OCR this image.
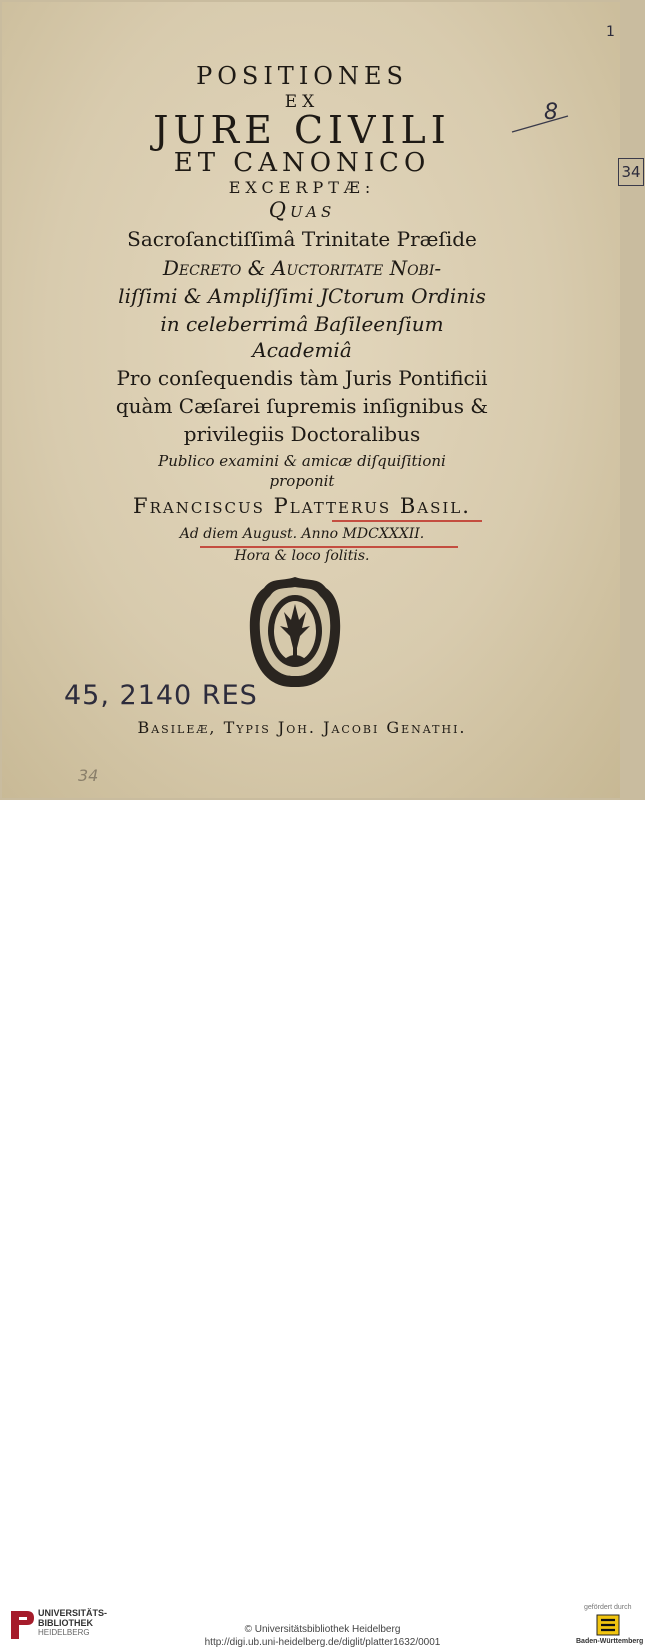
POSITIONES
EX
JURE CIVILI
ET CANONICO
EXCERPTÆ:
Quas
Sacroſanctiſſimâ Trinitate Præſide
Decreto & Auctoritate Nobi-
liſſimi & Ampliſſimi JCtorum Ordinis
in celeberrimâ Baſileenſium
Academiâ
Pro conſequendis tàm Juris Pontificii
quàm Cæſarei ſupremis inſignibus &
privilegiis Doctoralibus
Publico examini & amicæ diſquiſitioni
proponit
Franciscus Platterus Baſil.
Ad diem August. Anno MDCXXXII.
Hora & loco ſolitis.
Basileæ, Typis Joh. Jacobi Genathi.
1
8
34
45, 2140 RES
34
UNIVERSITÄTS-
BIBLIOTHEK
HEIDELBERG	© Universitätsbibliothek Heidelberg
http://digi.ub.uni-heidelberg.de/diglit/platter1632/0001
gefördert durch
Baden-Württemberg
